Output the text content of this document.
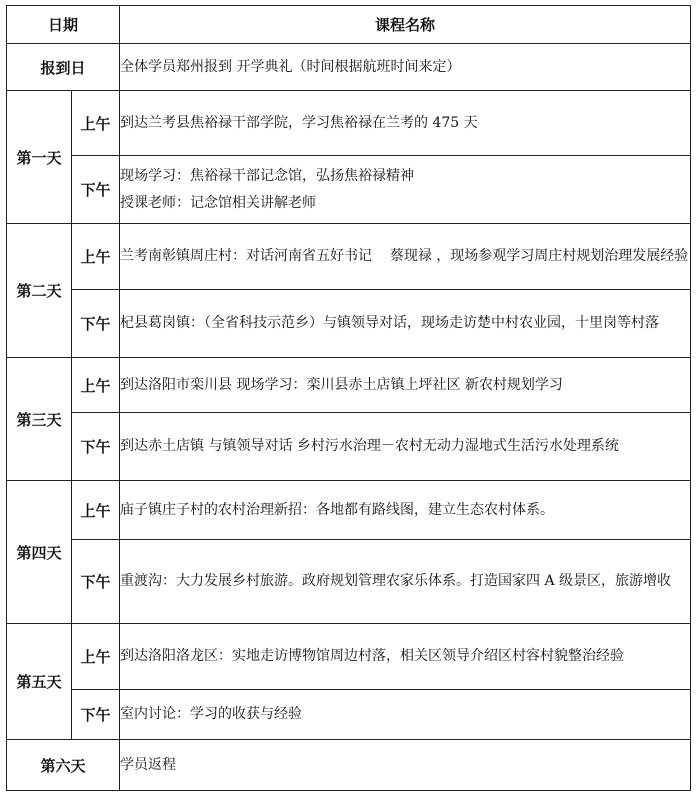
日期		课程名称
报到日		全体学员郑州报到 开学典礼（时间根据航班时间来定）
第一天	上午	到达兰考县焦裕禄干部学院，学习焦裕禄在兰考的 475 天

	下午	现场学习：焦裕禄干部记念馆，弘扬焦裕禄精神
授课老师：记念馆相关讲解老师

第二天	上午	兰考南彰镇周庄村：对话河南省五好书记    蔡现禄 ，现场参观学习周庄村规划治理发展经验

	下午	杞县葛岗镇：（全省科技示范乡）与镇领导对话，现场走访楚中村农业园，十里岗等村落

第三天	上午	到达洛阳市栾川县 现场学习：栾川县赤土店镇上坪社区 新农村规划学习

	下午	到达赤土店镇 与镇领导对话 乡村污水治理－农村无动力湿地式生活污水处理系统

第四天	上午	庙子镇庄子村的农村治理新招：各地都有路线图，建立生态农村体系。

	下午	重渡沟：大力发展乡村旅游。政府规划管理农家乐体系。打造国家四 A 级景区，旅游增收

第五天	上午	到达洛阳洛龙区：实地走访博物馆周边村落，相关区领导介绍区村容村貌整治经验

	下午	室内讨论：学习的收获与经验

第六天		学员返程
